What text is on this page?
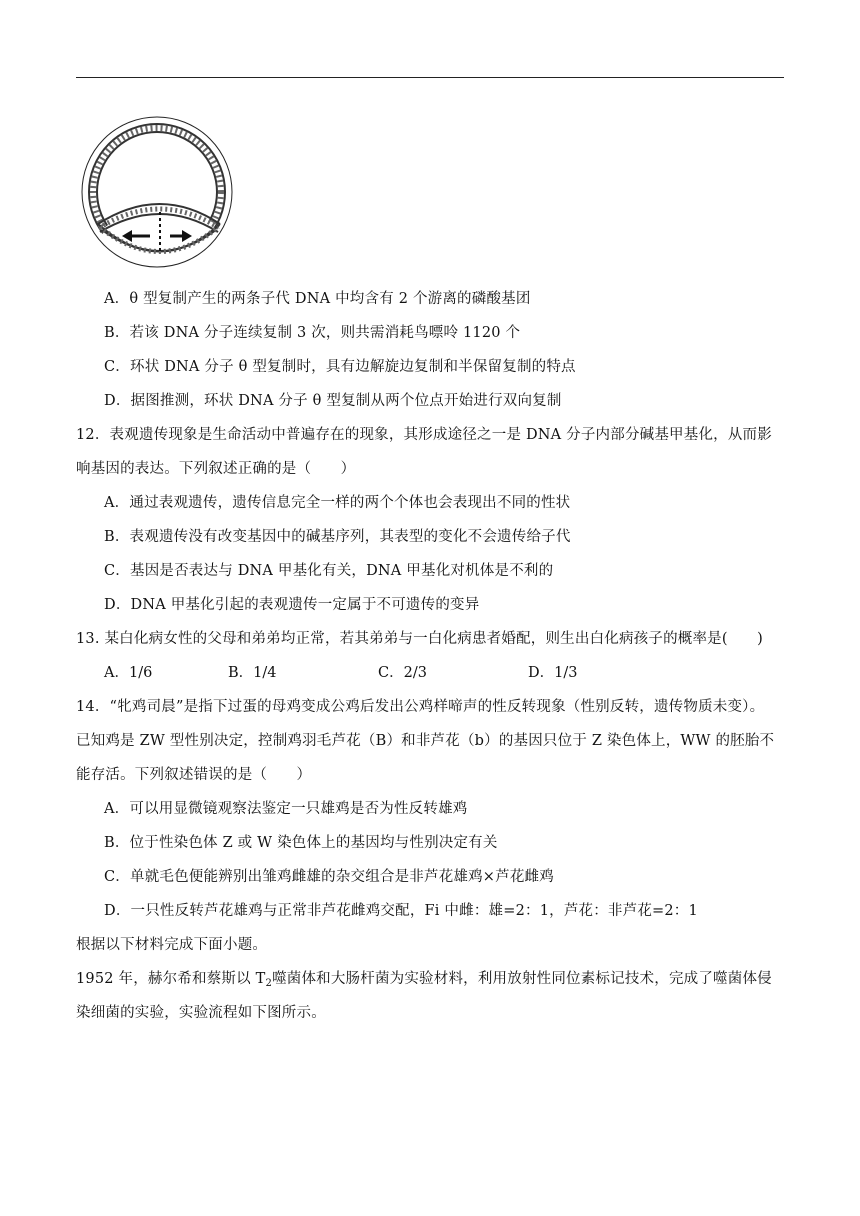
A．θ 型复制产生的两条子代 DNA 中均含有 2 个游离的磷酸基团
B．若该 DNA 分子连续复制 3 次，则共需消耗鸟嘌呤 1120 个
C．环状 DNA 分子 θ 型复制时，具有边解旋边复制和半保留复制的特点
D．据图推测，环状 DNA 分子 θ 型复制从两个位点开始进行双向复制
12．表观遗传现象是生命活动中普遍存在的现象，其形成途径之一是 DNA 分子内部分碱基甲基化，从而影
响基因的表达。下列叙述正确的是（　　）
A．通过表观遗传，遗传信息完全一样的两个个体也会表现出不同的性状
B．表观遗传没有改变基因中的碱基序列，其表型的变化不会遗传给子代
C．基因是否表达与 DNA 甲基化有关，DNA 甲基化对机体是不利的
D．DNA 甲基化引起的表观遗传一定属于不可遗传的变异
13. 某白化病女性的父母和弟弟均正常，若其弟弟与一白化病患者婚配，则生出白化病孩子的概率是(　　)
A．1/6	B．1/4	C．2/3	D．1/3
14．“牝鸡司晨”是指下过蛋的母鸡变成公鸡后发出公鸡样啼声的性反转现象（性别反转，遗传物质未变）。
已知鸡是 ZW 型性别决定，控制鸡羽毛芦花（B）和非芦花（b）的基因只位于 Z 染色体上，WW 的胚胎不
能存活。下列叙述错误的是（　　）
A．可以用显微镜观察法鉴定一只雄鸡是否为性反转雄鸡
B．位于性染色体 Z 或 W 染色体上的基因均与性别决定有关
C．单就毛色便能辨别出雏鸡雌雄的杂交组合是非芦花雄鸡×芦花雌鸡
D．一只性反转芦花雄鸡与正常非芦花雌鸡交配，Fi 中雌：雄=2：1，芦花：非芦花=2：1
根据以下材料完成下面小题。
1952 年，赫尔希和蔡斯以 $T_2$噬菌体和大肠杆菌为实验材料，利用放射性同位素标记技术，完成了噬菌体侵
染细菌的实验，实验流程如下图所示。
